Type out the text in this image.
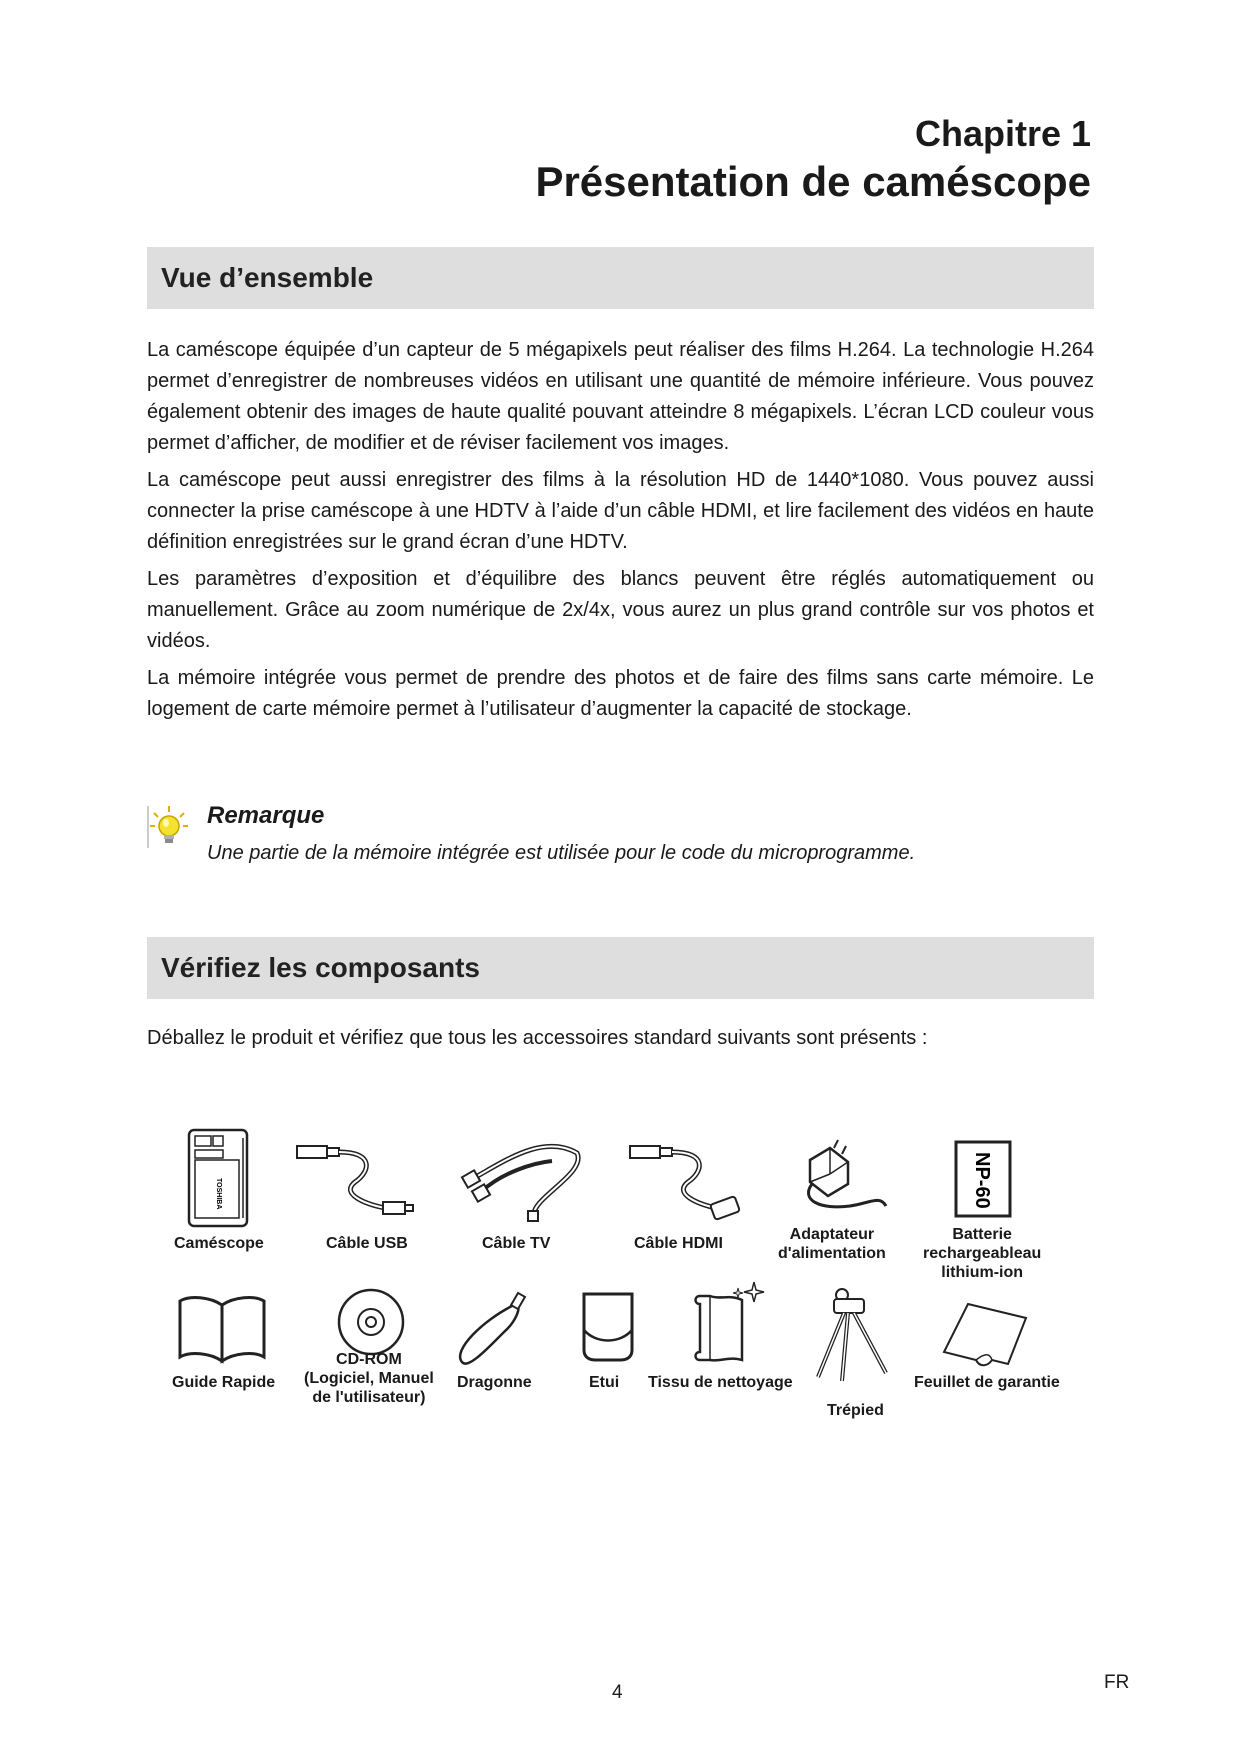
Chapitre 1
Présentation de caméscope
Vue d’ensemble

La caméscope équipée d’un capteur de 5 mégapixels peut réaliser des films H.264. La technologie H.264 permet d’enregistrer de nombreuses vidéos en utilisant une quantité de mémoire inférieure. Vous pouvez également obtenir des images de haute qualité pouvant atteindre 8 mégapixels. L’écran LCD couleur vous permet d’afficher, de modifier et de réviser facilement vos images.

La caméscope peut aussi enregistrer des films à la résolution HD de 1440*1080. Vous pouvez aussi connecter la prise caméscope à une HDTV à l’aide d’un câble HDMI, et lire facilement des vidéos en haute définition enregistrées sur le grand écran d’une HDTV.

Les paramètres d’exposition et d’équilibre des blancs peuvent être réglés automatiquement ou manuellement. Grâce au zoom numérique de 2x/4x, vous aurez un plus grand contrôle sur vos photos et vidéos.

La mémoire intégrée vous permet de prendre des photos et de faire des films sans carte mémoire. Le logement de carte mémoire permet à l’utilisateur d’augmenter la capacité de stockage.

Remarque
Une partie de la mémoire intégrée est utilisée pour le code du microprogramme.
Vérifiez les composants
Déballez le produit et vérifiez que tous les accessoires standard suivants sont présents :
TOSHIBA
Caméscope	Câble USB	Câble TV	Câble HDMI
Adaptateur
d'alimentation
NP-60
Batterie
rechargeableau
lithium-ion
Guide Rapide
CD-ROM
(Logiciel, Manuel
de l'utilisateur)
Dragonne	Etui Tissu de nettoyage
Trépied
Feuillet de garantie
4	FR
